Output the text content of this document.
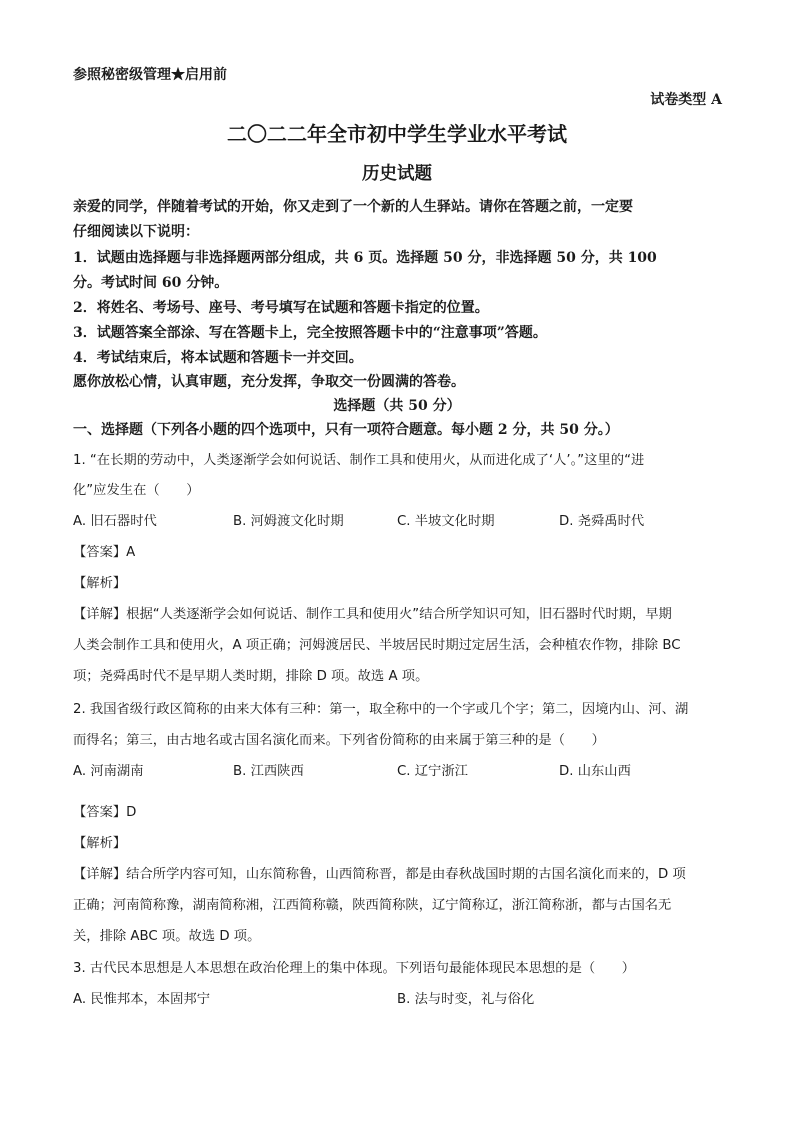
参照秘密级管理★启用前
试卷类型 A
二〇二二年全市初中学生学业水平考试
历史试题
亲爱的同学，伴随着考试的开始，你又走到了一个新的人生驿站。请你在答题之前，一定要
仔细阅读以下说明：
1．试题由选择题与非选择题两部分组成，共 6 页。选择题 50 分，非选择题 50 分，共 100
分。考试时间 60 分钟。
2．将姓名、考场号、座号、考号填写在试题和答题卡指定的位置。
3．试题答案全部涂、写在答题卡上，完全按照答题卡中的“注意事项”答题。
4．考试结束后，将本试题和答题卡一并交回。
愿你放松心情，认真审题，充分发挥，争取交一份圆满的答卷。
选择题（共 50 分）
一、选择题（下列各小题的四个选项中，只有一项符合题意。每小题 2 分，共 50 分。）
1. “在长期的劳动中，人类逐渐学会如何说话、制作工具和使用火，从而进化成了‘人’。”这里的“进
化”应发生在（　　）
A. 旧石器时代	B. 河姆渡文化时期	C. 半坡文化时期	D. 尧舜禹时代
【答案】A
【解析】
【详解】根据“人类逐渐学会如何说话、制作工具和使用火”结合所学知识可知，旧石器时代时期，早期
人类会制作工具和使用火，A 项正确；河姆渡居民、半坡居民时期过定居生活，会种植农作物，排除 BC
项；尧舜禹时代不是早期人类时期，排除 D 项。故选 A 项。
2. 我国省级行政区简称的由来大体有三种：第一，取全称中的一个字或几个字；第二，因境内山、河、湖
而得名；第三，由古地名或古国名演化而来。下列省份简称的由来属于第三种的是（　　）
A. 河南湖南	B. 江西陕西	C. 辽宁浙江	D. 山东山西
【答案】D
【解析】
【详解】结合所学内容可知，山东简称鲁，山西简称晋，都是由春秋战国时期的古国名演化而来的，D 项
正确；河南简称豫，湖南简称湘，江西简称赣，陕西简称陕，辽宁简称辽，浙江简称浙，都与古国名无
关，排除 ABC 项。故选 D 项。
3. 古代民本思想是人本思想在政治伦理上的集中体现。下列语句最能体现民本思想的是（　　）
A. 民惟邦本，本固邦宁	B. 法与时变，礼与俗化
